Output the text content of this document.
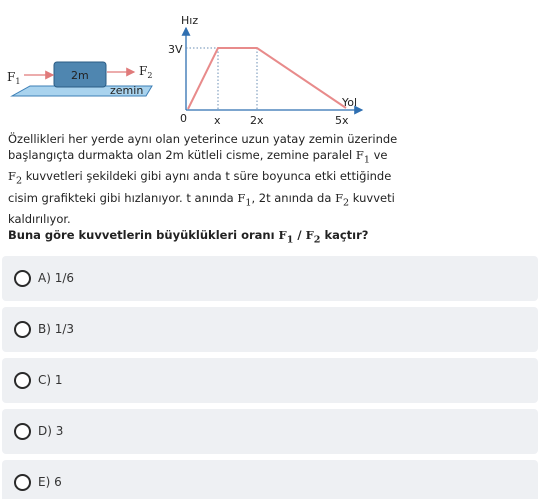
zemin
2m
$F_1$
$F_2$
Hız
Yol
3V
0 x	2x	5x

Özellikleri her yerde aynı olan yeterince uzun yatay zemin üzerinde

başlangıçta durmakta olan 2m kütleli cisme, zemine paralel $F_1$ ve

$F_2$ kuvvetleri şekildeki gibi aynı anda t süre boyunca etki ettiğinde

cisim grafikteki gibi hızlanıyor. t anında $F_1$, 2t anında da $F_2$ kuvveti

kaldırılıyor.

Buna göre kuvvetlerin büyüklükleri oranı $F_1 / F_2$ kaçtır?

A) 1/6
B) 1/3
C) 1
D) 3
E) 6
